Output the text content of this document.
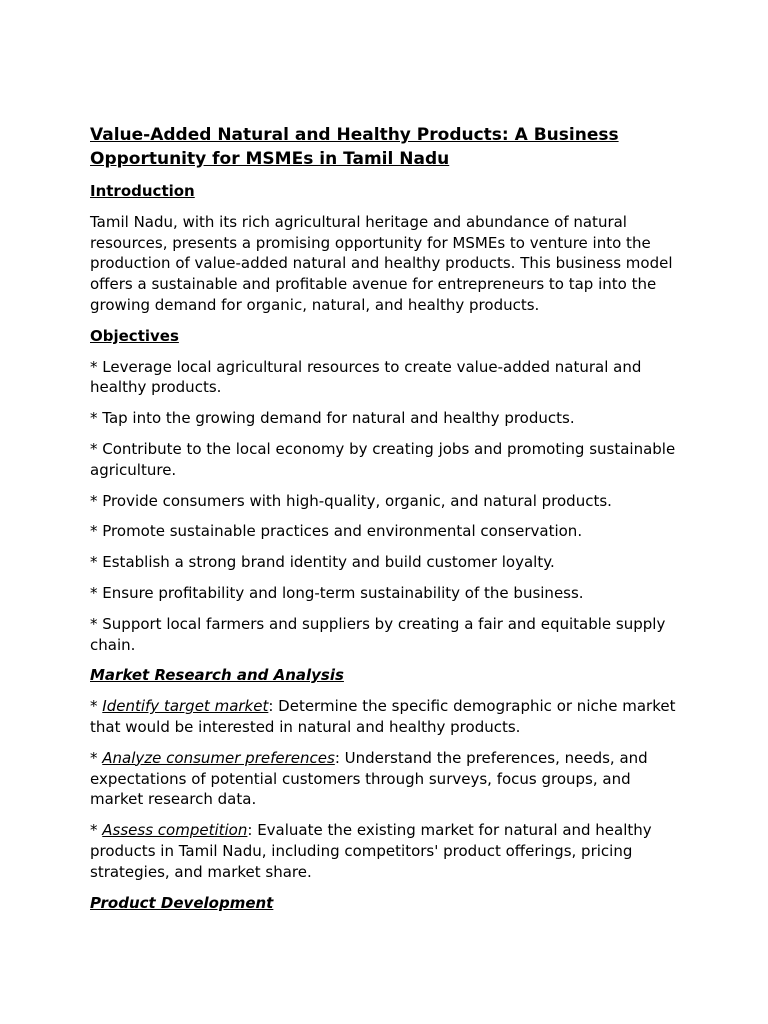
Value-Added Natural and Healthy Products: A Business Opportunity for MSMEs in Tamil Nadu
Introduction

Tamil Nadu, with its rich agricultural heritage and abundance of natural resources, presents a promising opportunity for MSMEs to venture into the production of value-added natural and healthy products. This business model offers a sustainable and profitable avenue for entrepreneurs to tap into the growing demand for organic, natural, and healthy products.

Objectives

* Leverage local agricultural resources to create value-added natural and healthy products.

* Tap into the growing demand for natural and healthy products.

* Contribute to the local economy by creating jobs and promoting sustainable agriculture.

* Provide consumers with high-quality, organic, and natural products.

* Promote sustainable practices and environmental conservation.

* Establish a strong brand identity and build customer loyalty.

* Ensure profitability and long-term sustainability of the business.

* Support local farmers and suppliers by creating a fair and equitable supply chain.

Market Research and Analysis

* Identify target market: Determine the specific demographic or niche market that would be interested in natural and healthy products.

* Analyze consumer preferences: Understand the preferences, needs, and expectations of potential customers through surveys, focus groups, and market research data.

* Assess competition: Evaluate the existing market for natural and healthy products in Tamil Nadu, including competitors' product offerings, pricing strategies, and market share.

Product Development
